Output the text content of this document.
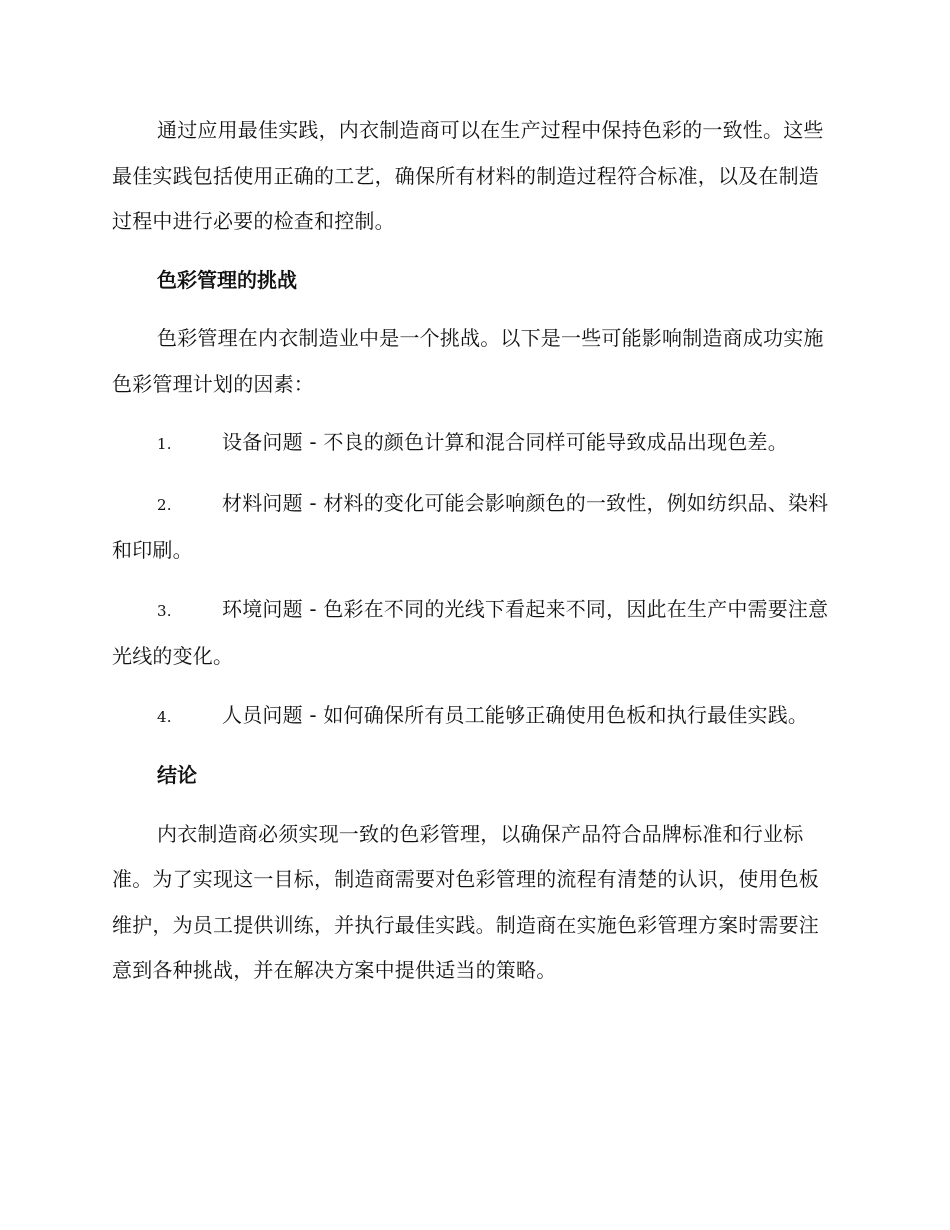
通过应用最佳实践，内衣制造商可以在生产过程中保持色彩的一致性。这些最佳实践包括使用正确的工艺，确保所有材料的制造过程符合标准，以及在制造过程中进行必要的检查和控制。

色彩管理的挑战

色彩管理在内衣制造业中是一个挑战。以下是一些可能影响制造商成功实施色彩管理计划的因素：

1.	设备问题 - 不良的颜色计算和混合同样可能导致成品出现色差。

2.	材料问题 - 材料的变化可能会影响颜色的一致性，例如纺织品、染料和印刷。

3.	环境问题 - 色彩在不同的光线下看起来不同，因此在生产中需要注意光线的变化。

4.	人员问题 - 如何确保所有员工能够正确使用色板和执行最佳实践。

结论

内衣制造商必须实现一致的色彩管理，以确保产品符合品牌标准和行业标准。为了实现这一目标，制造商需要对色彩管理的流程有清楚的认识，使用色板维护，为员工提供训练，并执行最佳实践。制造商在实施色彩管理方案时需要注意到各种挑战，并在解决方案中提供适当的策略。
